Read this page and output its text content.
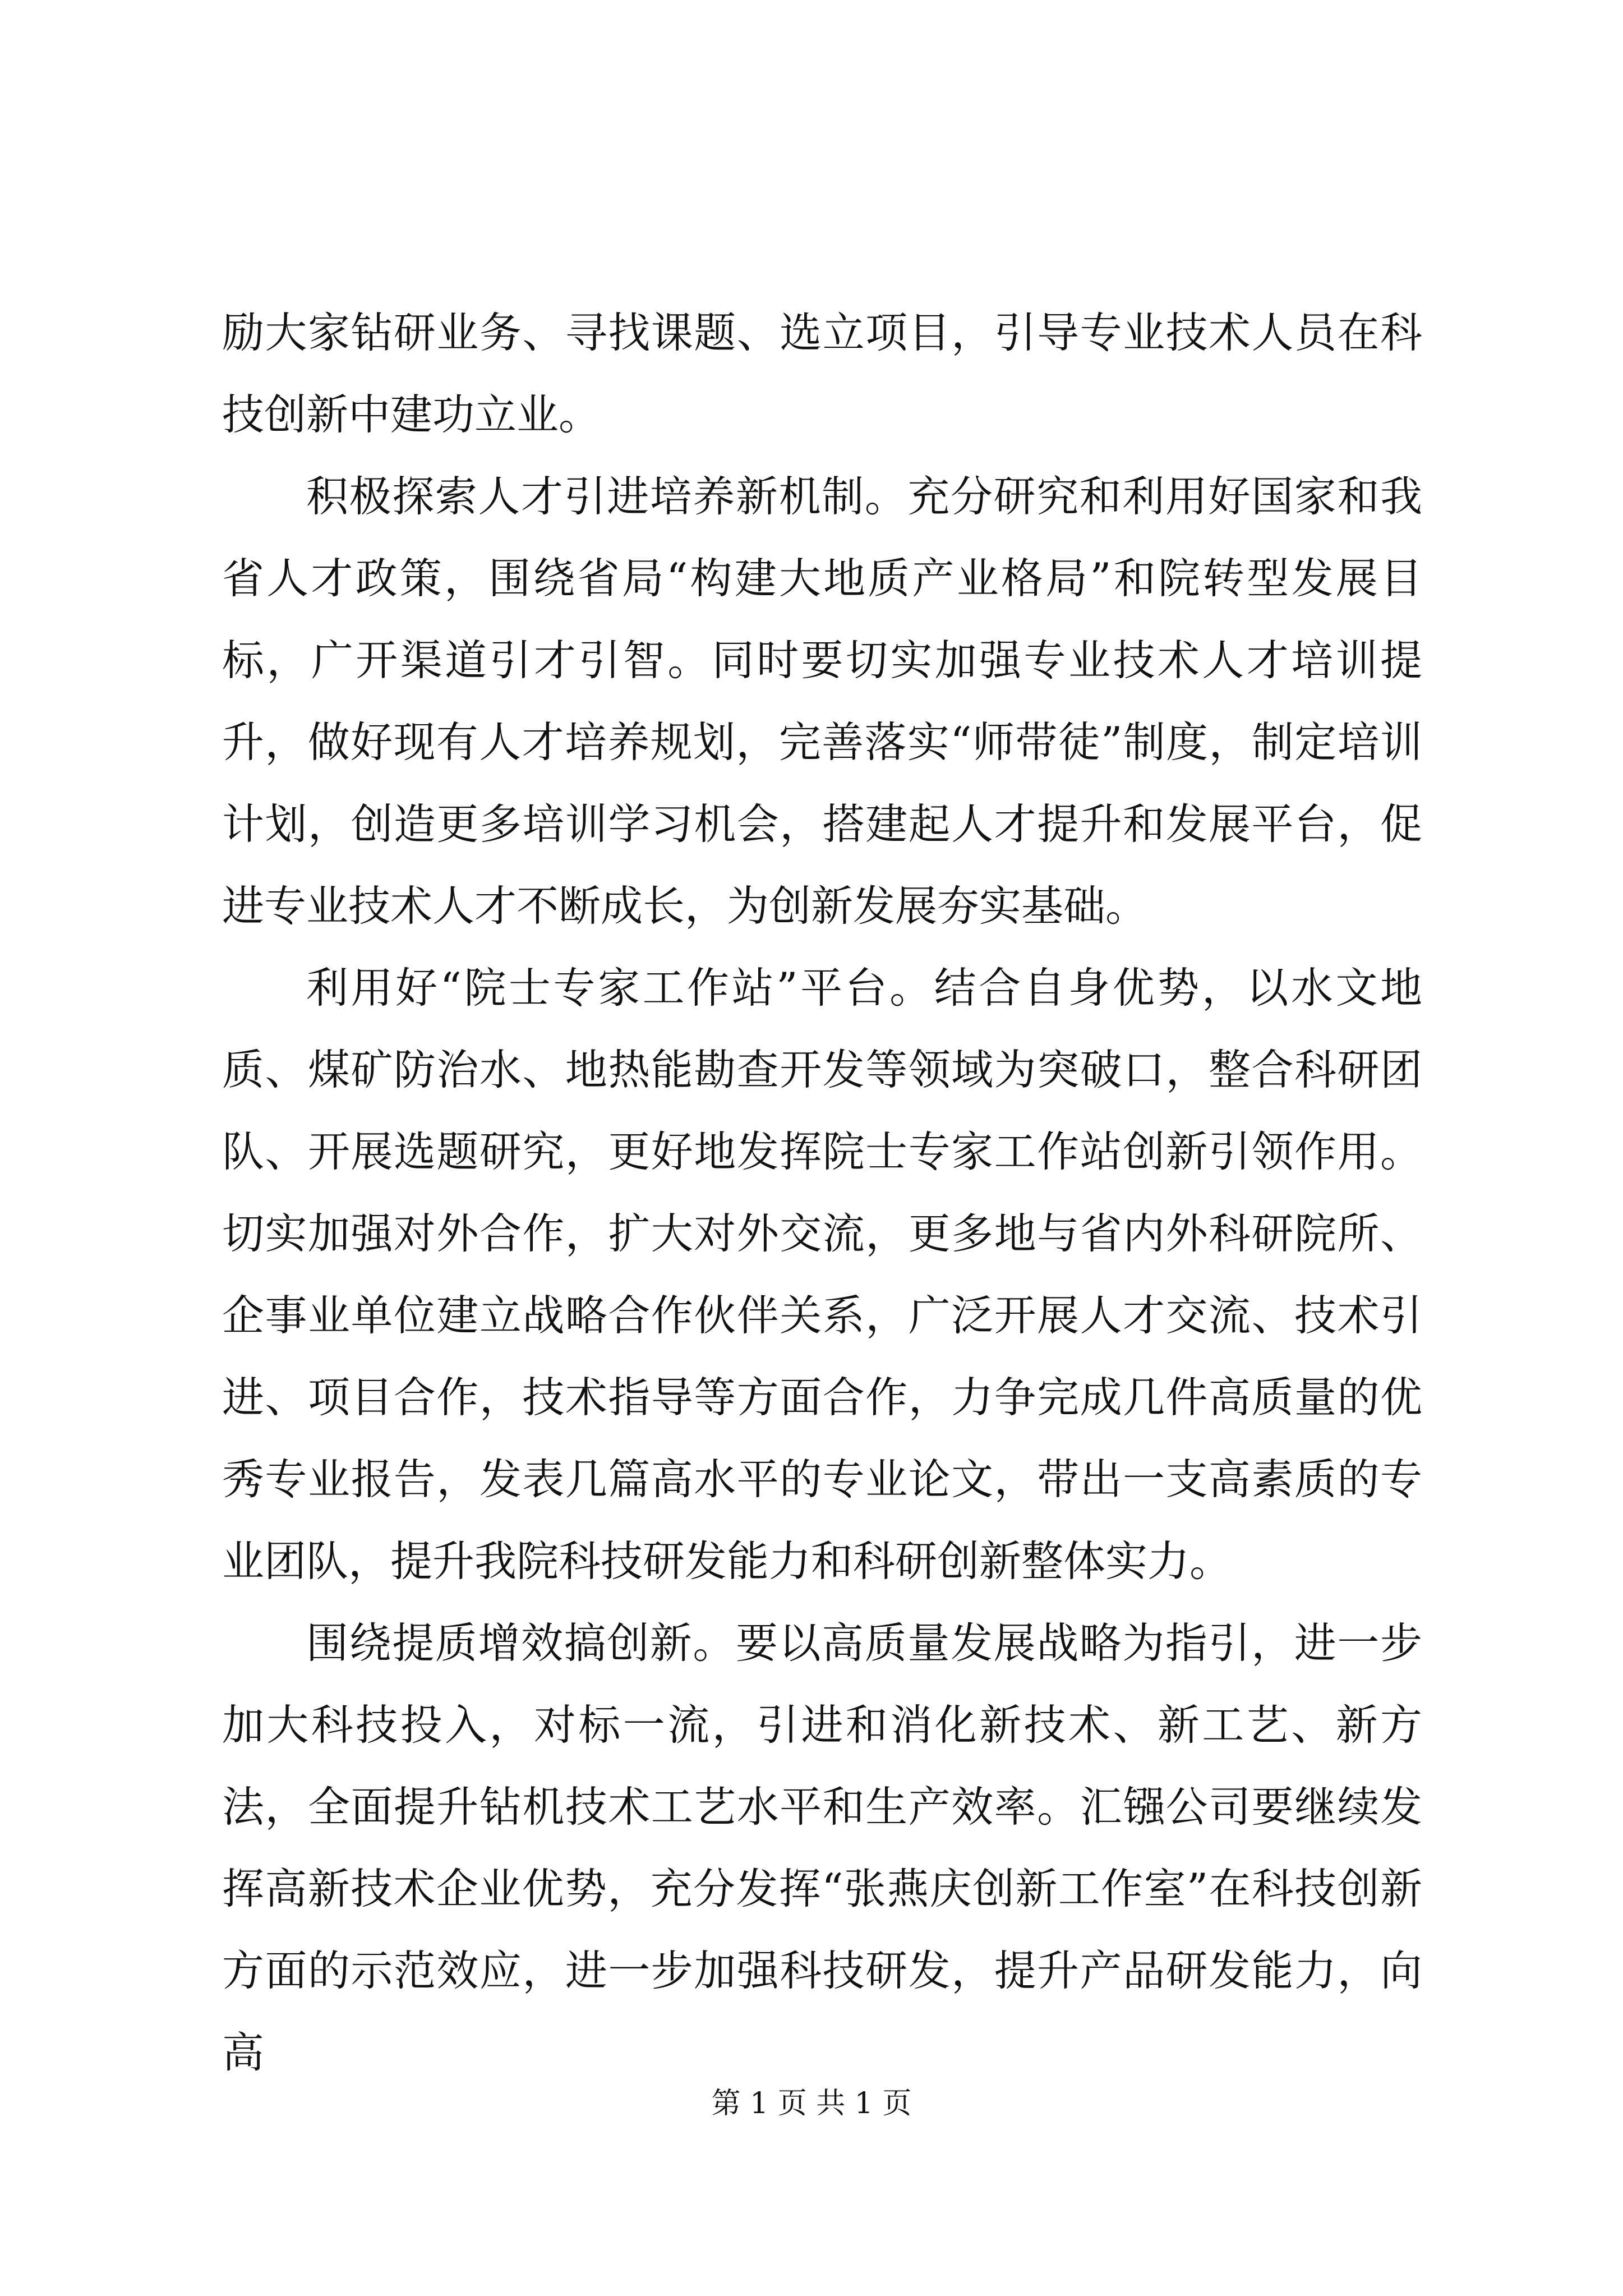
励大家钻研业务、寻找课题、选立项目，引导专业技术人员在科技创新中建功立业。

积极探索人才引进培养新机制。充分研究和利用好国家和我省人才政策，围绕省局“构建大地质产业格局”和院转型发展目标，广开渠道引才引智。同时要切实加强专业技术人才培训提升，做好现有人才培养规划，完善落实“师带徒”制度，制定培训计划，创造更多培训学习机会，搭建起人才提升和发展平台，促进专业技术人才不断成长，为创新发展夯实基础。

利用好“院士专家工作站”平台。结合自身优势，以水文地质、煤矿防治水、地热能勘查开发等领域为突破口，整合科研团队、开展选题研究，更好地发挥院士专家工作站创新引领作用。切实加强对外合作，扩大对外交流，更多地与省内外科研院所、企事业单位建立战略合作伙伴关系，广泛开展人才交流、技术引进、项目合作，技术指导等方面合作，力争完成几件高质量的优秀专业报告，发表几篇高水平的专业论文，带出一支高素质的专业团队，提升我院科技研发能力和科研创新整体实力。

围绕提质增效搞创新。要以高质量发展战略为指引，进一步加大科技投入，对标一流，引进和消化新技术、新工艺、新方法，全面提升钻机技术工艺水平和生产效率。汇镪公司要继续发挥高新技术企业优势，充分发挥“张燕庆创新工作室”在科技创新方面的示范效应，进一步加强科技研发，提升产品研发能力，向高

第 1 页 共 1 页
